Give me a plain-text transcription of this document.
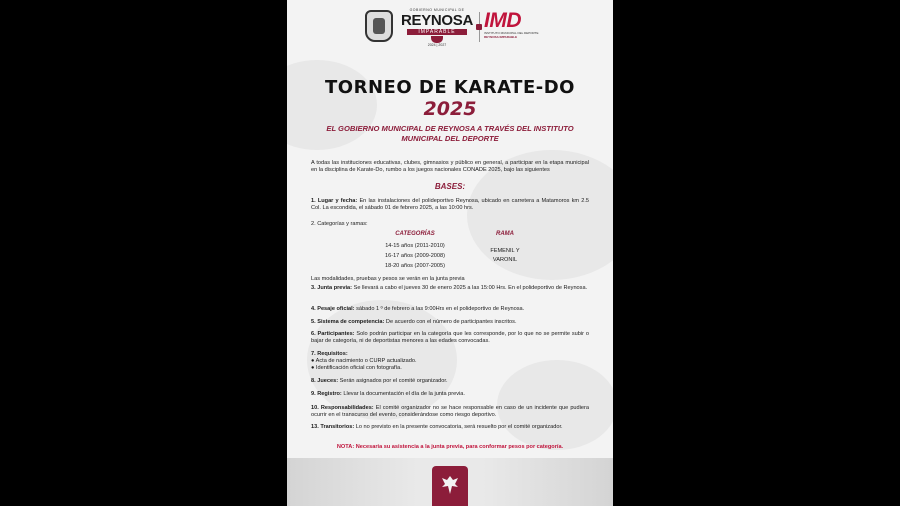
GOBIERNO MUNICIPAL DE
REYNOSA
IMPARABLE
2024 | 2027
IMD
INSTITUTO MUNICIPAL DEL DEPORTE
REYNOSA IMPARABLE
TORNEO DE KARATE-DO
2025
EL GOBIERNO MUNICIPAL DE REYNOSA A TRAVÉS DEL INSTITUTO MUNICIPAL DEL DEPORTE

A todas las instituciones educativas, clubes, gimnasios y público en general, a participar en la etapa municipal en la disciplina de Karate-Do, rumbo a los juegos nacionales CONADE 2025, bajo las siguientes

BASES:
1. Lugar y fecha: En las instalaciones del polideportivo Reynosa, ubicado en carretera a Matamoros km 2.5 Col. La escondida, el sábado 01 de febrero 2025, a las 10:00 hrs.
2. Categorías y ramas:
CATEGORÍAS	RAMA
14-15 años (2011-2010)
16-17 años (2009-2008)
18-20 años (2007-2005)
FEMENIL Y
VARONIL
Las modalidades, pruebas y pesos se verán en la junta previa
3. Junta previa: Se llevará a cabo el jueves 30 de enero 2025 a las 15:00 Hrs. En el polideportivo de Reynosa.
4. Pesaje oficial: sábado 1 º de febrero a las 9:00Hrs en el polideportivo de Reynosa.
5. Sistema de competencia: De acuerdo con el número de participantes inscritos.
6. Participantes: Solo podrán participar en la categoría que les corresponde, por lo que no se permite subir o bajar de categoría, ni de deportistas menores a las edades convocadas.
7. Requisitos:
● Acta de nacimiento o CURP actualizado.
● Identificación oficial con fotografía.
8. Jueces: Serán asignados por el comité organizador.
9. Registro: Llevar la documentación el día de la junta previa.
10. Responsabilidades: El comité organizador no se hace responsable en caso de un incidente que pudiera ocurrir en el transcurso del evento, considerándose como riesgo deportivo.
13. Transitorios: Lo no previsto en la presente convocatoria, será resuelto por el comité organizador.
NOTA: Necesaria su asistencia a la junta previa, para conformar pesos por categoría.
